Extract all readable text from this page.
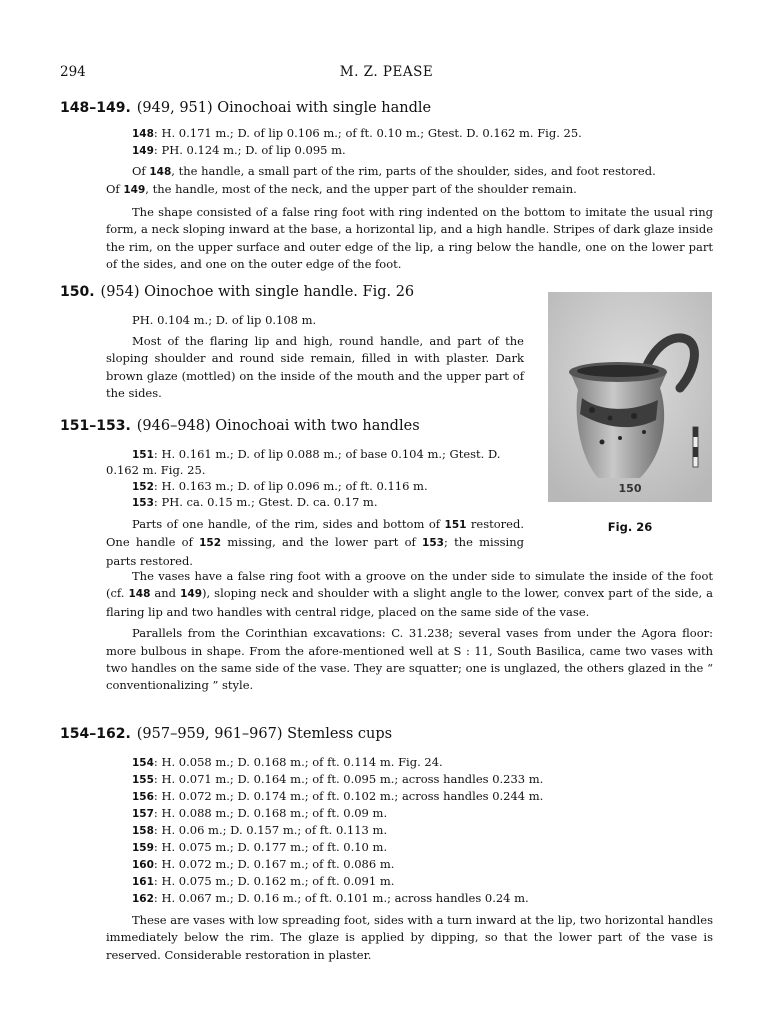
294	M. Z. PEASE
148–149. (949, 951) Oinochoai with single handle
148: H. 0.171 m.; D. of lip 0.106 m.; of ft. 0.10 m.; Gtest. D. 0.162 m. Fig. 25.
149: PH. 0.124 m.; D. of lip 0.095 m.

Of 148, the handle, a small part of the rim, parts of the shoulder, sides, and foot restored.
Of 149, the handle, most of the neck, and the upper part of the shoulder remain.

The shape consisted of a false ring foot with ring indented on the bottom to imitate the usual ring form, a neck sloping inward at the base, a horizontal lip, and a high handle. Stripes of dark glaze inside the rim, on the upper surface and outer edge of the lip, a ring below the handle, one on the lower part of the sides, and one on the outer edge of the foot.

150. (954) Oinochoe with single handle. Fig. 26
PH. 0.104 m.; D. of lip 0.108 m.

Most of the flaring lip and high, round handle, and part of the sloping shoulder and round side remain, filled in with plaster. Dark brown glaze (mottled) on the inside of the mouth and the upper part of the sides.

150
Fig. 26
151–153. (946–948) Oinochoai with two handles
151: H. 0.161 m.; D. of lip 0.088 m.; of base 0.104 m.; Gtest. D.
0.162 m. Fig. 25.
152: H. 0.163 m.; D. of lip 0.096 m.; of ft. 0.116 m.
153: PH. ca. 0.15 m.; Gtest. D. ca. 0.17 m.

Parts of one handle, of the rim, sides and bottom of 151 restored. One handle of 152 missing, and the lower part of 153; the missing parts restored.

The vases have a false ring foot with a groove on the under side to simulate the inside of the foot (cf. 148 and 149), sloping neck and shoulder with a slight angle to the lower, convex part of the side, a flaring lip and two handles with central ridge, placed on the same side of the vase.

Parallels from the Corinthian excavations: C. 31.238; several vases from under the Agora floor: more bulbous in shape. From the afore-mentioned well at S : 11, South Basilica, came two vases with two handles on the same side of the vase. They are squatter; one is unglazed, the others glazed in the “ conventionalizing ” style.

154–162. (957–959, 961–967) Stemless cups
154: H. 0.058 m.; D. 0.168 m.; of ft. 0.114 m. Fig. 24.
155: H. 0.071 m.; D. 0.164 m.; of ft. 0.095 m.; across handles 0.233 m.
156: H. 0.072 m.; D. 0.174 m.; of ft. 0.102 m.; across handles 0.244 m.
157: H. 0.088 m.; D. 0.168 m.; of ft. 0.09 m.
158: H. 0.06 m.; D. 0.157 m.; of ft. 0.113 m.
159: H. 0.075 m.; D. 0.177 m.; of ft. 0.10 m.
160: H. 0.072 m.; D. 0.167 m.; of ft. 0.086 m.
161: H. 0.075 m.; D. 0.162 m.; of ft. 0.091 m.
162: H. 0.067 m.; D. 0.16 m.; of ft. 0.101 m.; across handles 0.24 m.

These are vases with low spreading foot, sides with a turn inward at the lip, two horizontal handles immediately below the rim. The glaze is applied by dipping, so that the lower part of the vase is reserved. Considerable restoration in plaster.
